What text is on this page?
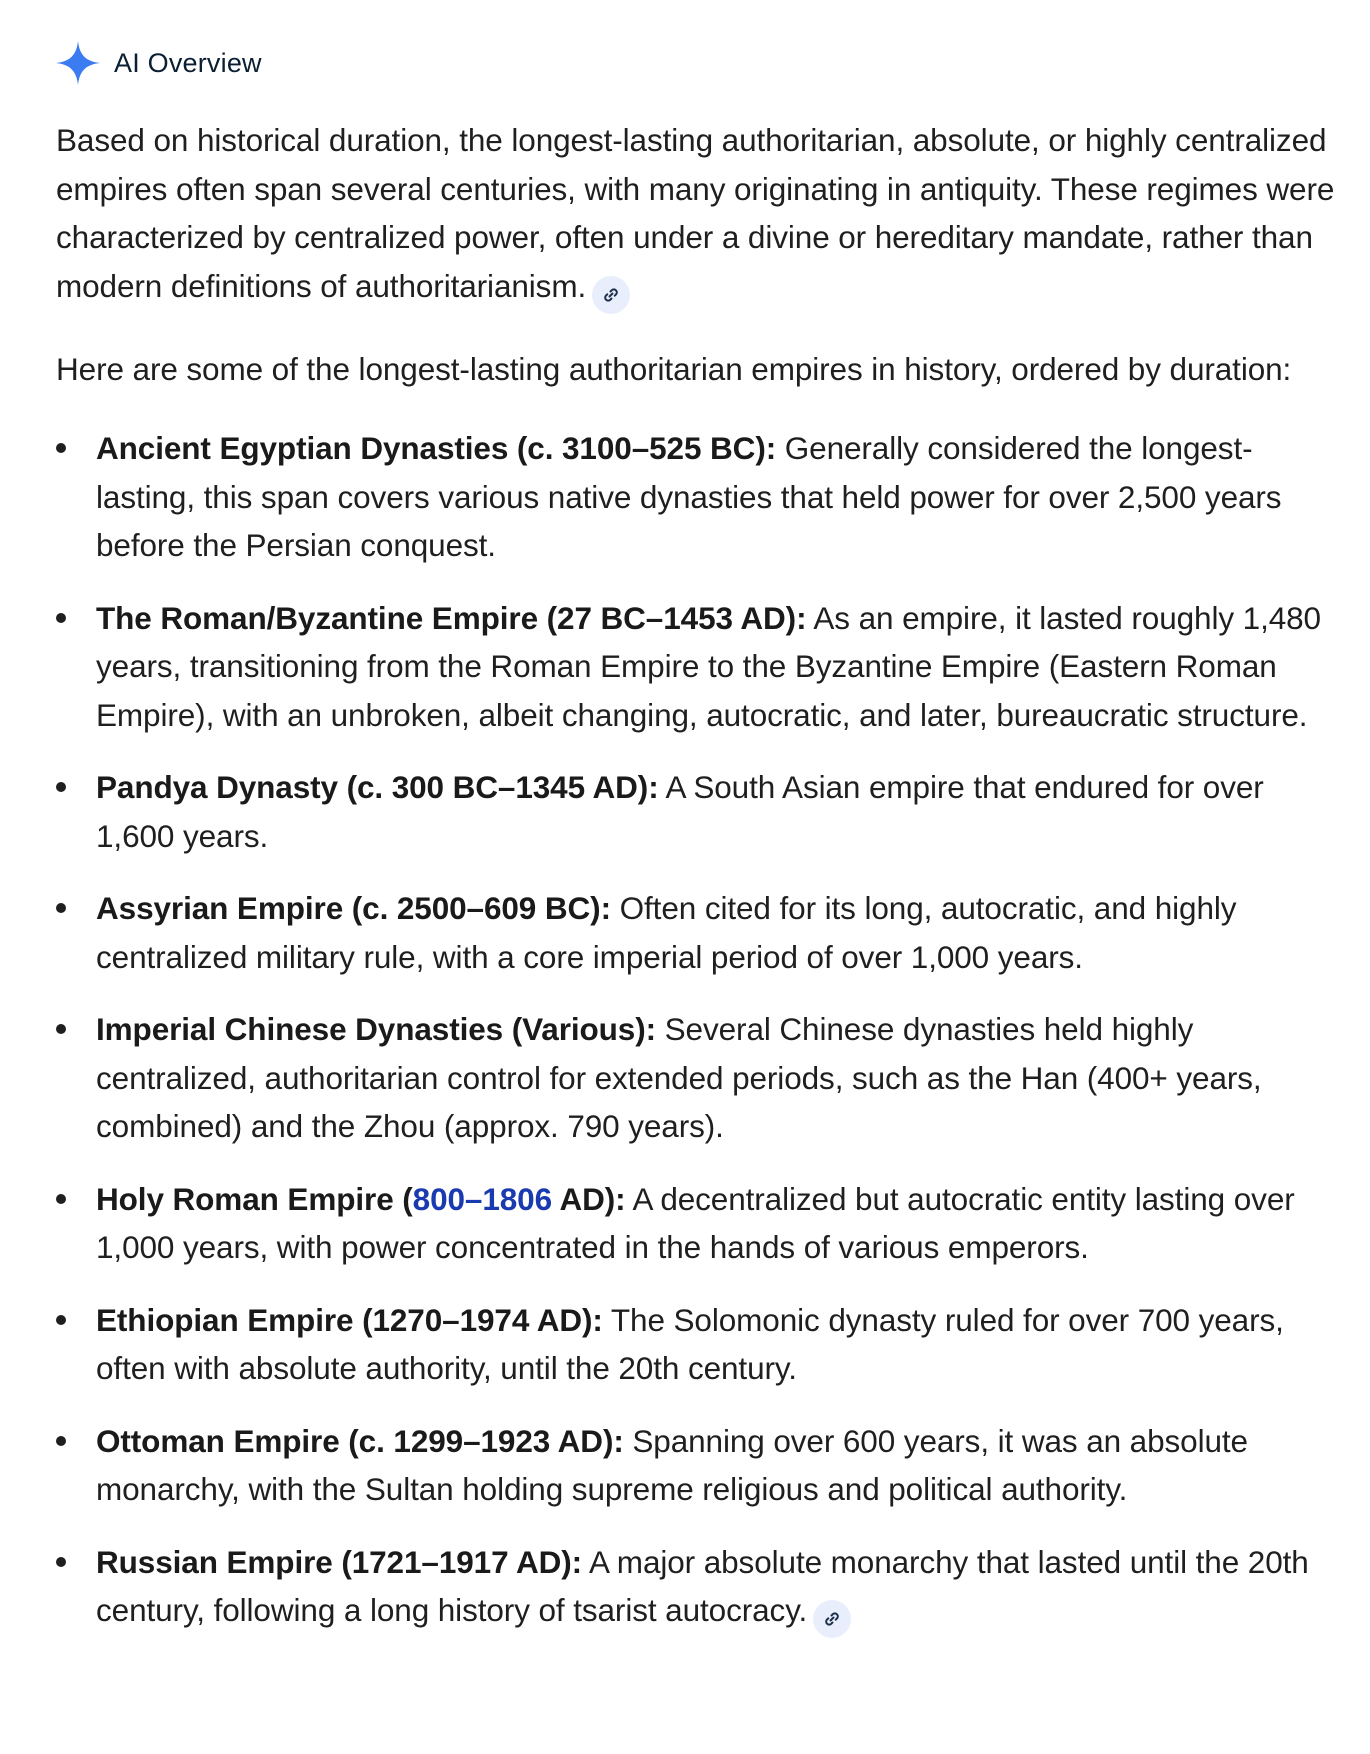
AI Overview

Based on historical duration, the longest-lasting authoritarian, absolute, or highly centralized empires often span several centuries, with many originating in antiquity. These regimes were characterized by centralized power, often under a divine or hereditary mandate, rather than modern definitions of authoritarianism.

Here are some of the longest-lasting authoritarian empires in history, ordered by duration:

Ancient Egyptian Dynasties (c. 3100–525 BC): Generally considered the longest-lasting, this span covers various native dynasties that held power for over 2,500 years before the Persian conquest.
The Roman/Byzantine Empire (27 BC–1453 AD): As an empire, it lasted roughly 1,480 years, transitioning from the Roman Empire to the Byzantine Empire (Eastern Roman Empire), with an unbroken, albeit changing, autocratic, and later, bureaucratic structure.
Pandya Dynasty (c. 300 BC–1345 AD): A South Asian empire that endured for over 1,600 years.
Assyrian Empire (c. 2500–609 BC): Often cited for its long, autocratic, and highly centralized military rule, with a core imperial period of over 1,000 years.
Imperial Chinese Dynasties (Various): Several Chinese dynasties held highly centralized, authoritarian control for extended periods, such as the Han (400+ years, combined) and the Zhou (approx. 790 years).
Holy Roman Empire (800–1806 AD): A decentralized but autocratic entity lasting over 1,000 years, with power concentrated in the hands of various emperors.
Ethiopian Empire (1270–1974 AD): The Solomonic dynasty ruled for over 700 years, often with absolute authority, until the 20th century.
Ottoman Empire (c. 1299–1923 AD): Spanning over 600 years, it was an absolute monarchy, with the Sultan holding supreme religious and political authority.
Russian Empire (1721–1917 AD): A major absolute monarchy that lasted until the 20th century, following a long history of tsarist autocracy.
